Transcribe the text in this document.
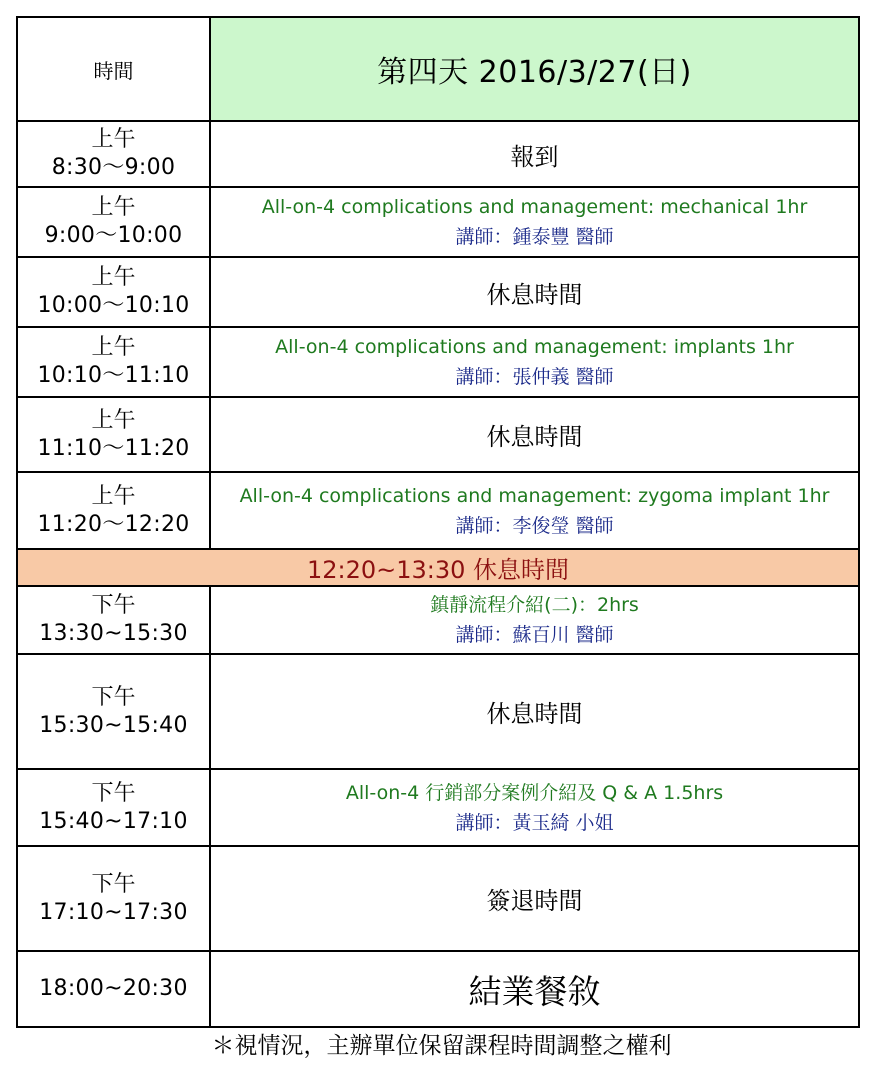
時間	第四天 2016/3/27(日)

上午
8:30～9:00	報到

上午
9:00～10:00	All-on-4 complications and management: mechanical 1hr
講師：鍾泰豐 醫師

上午
10:00～10:10	休息時間

上午
10:10～11:10	All-on-4 complications and management: implants 1hr
講師：張仲義 醫師

上午
11:10～11:20	休息時間

上午
11:20～12:20	All-on-4 complications and management: zygoma implant 1hr
講師：李俊瑩 醫師

12:20~13:30 休息時間	

下午
13:30~15:30	鎮靜流程介紹(二)：2hrs
講師：蘇百川 醫師

下午
15:30~15:40	休息時間

下午
15:40~17:10	All-on-4 行銷部分案例介紹及 Q & A 1.5hrs
講師：黃玉綺 小姐

下午
17:10~17:30	簽退時間

18:00~20:30	結業餐敘
＊視情況，主辦單位保留課程時間調整之權利
